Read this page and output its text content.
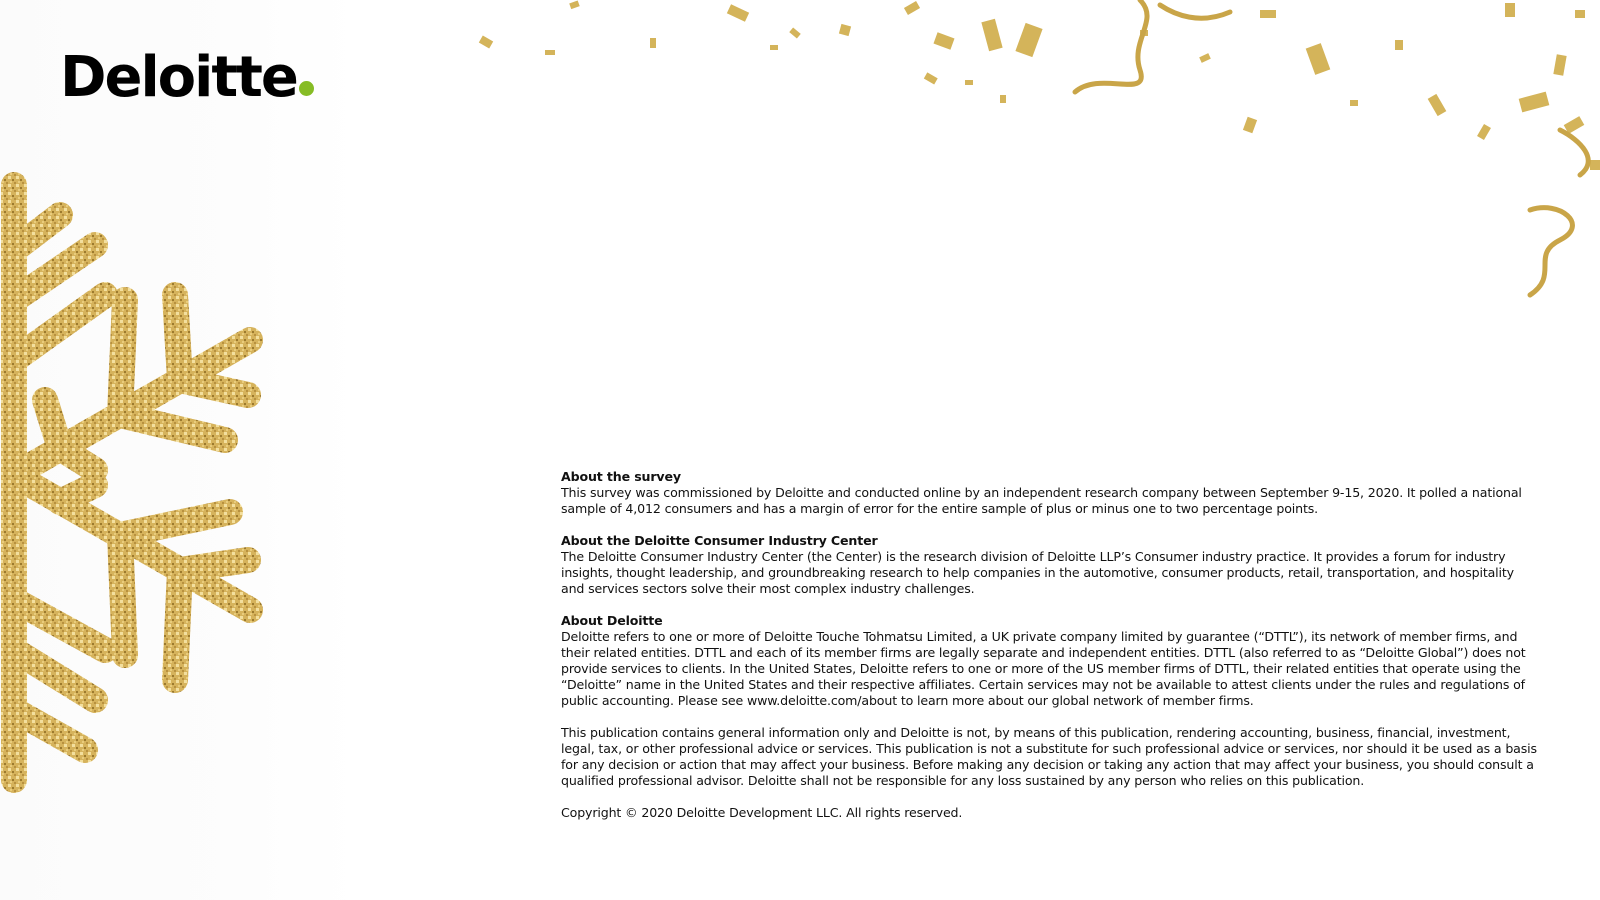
Deloitte
About the survey

This survey was commissioned by Deloitte and conducted online by an independent research company between September 9-15, 2020. It polled a national sample of 4,012 consumers and has a margin of error for the entire sample of plus or minus one to two percentage points.

About the Deloitte Consumer Industry Center

The Deloitte Consumer Industry Center (the Center) is the research division of Deloitte LLP’s Consumer industry practice. It provides a forum for industry insights, thought leadership, and groundbreaking research to help companies in the automotive, consumer products, retail, transportation, and hospitality and services sectors solve their most complex industry challenges.

About Deloitte

Deloitte refers to one or more of Deloitte Touche Tohmatsu Limited, a UK private company limited by guarantee (“DTTL”), its network of member firms, and their related entities. DTTL and each of its member firms are legally separate and independent entities. DTTL (also referred to as “Deloitte Global”) does not provide services to clients. In the United States, Deloitte refers to one or more of the US member firms of DTTL, their related entities that operate using the “Deloitte” name in the United States and their respective affiliates. Certain services may not be available to attest clients under the rules and regulations of public accounting. Please see www.deloitte.com/about to learn more about our global network of member firms.

This publication contains general information only and Deloitte is not, by means of this publication, rendering accounting, business, financial, investment, legal, tax, or other professional advice or services. This publication is not a substitute for such professional advice or services, nor should it be used as a basis for any decision or action that may affect your business. Before making any decision or taking any action that may affect your business, you should consult a qualified professional advisor. Deloitte shall not be responsible for any loss sustained by any person who relies on this publication.

Copyright © 2020 Deloitte Development LLC. All rights reserved.
